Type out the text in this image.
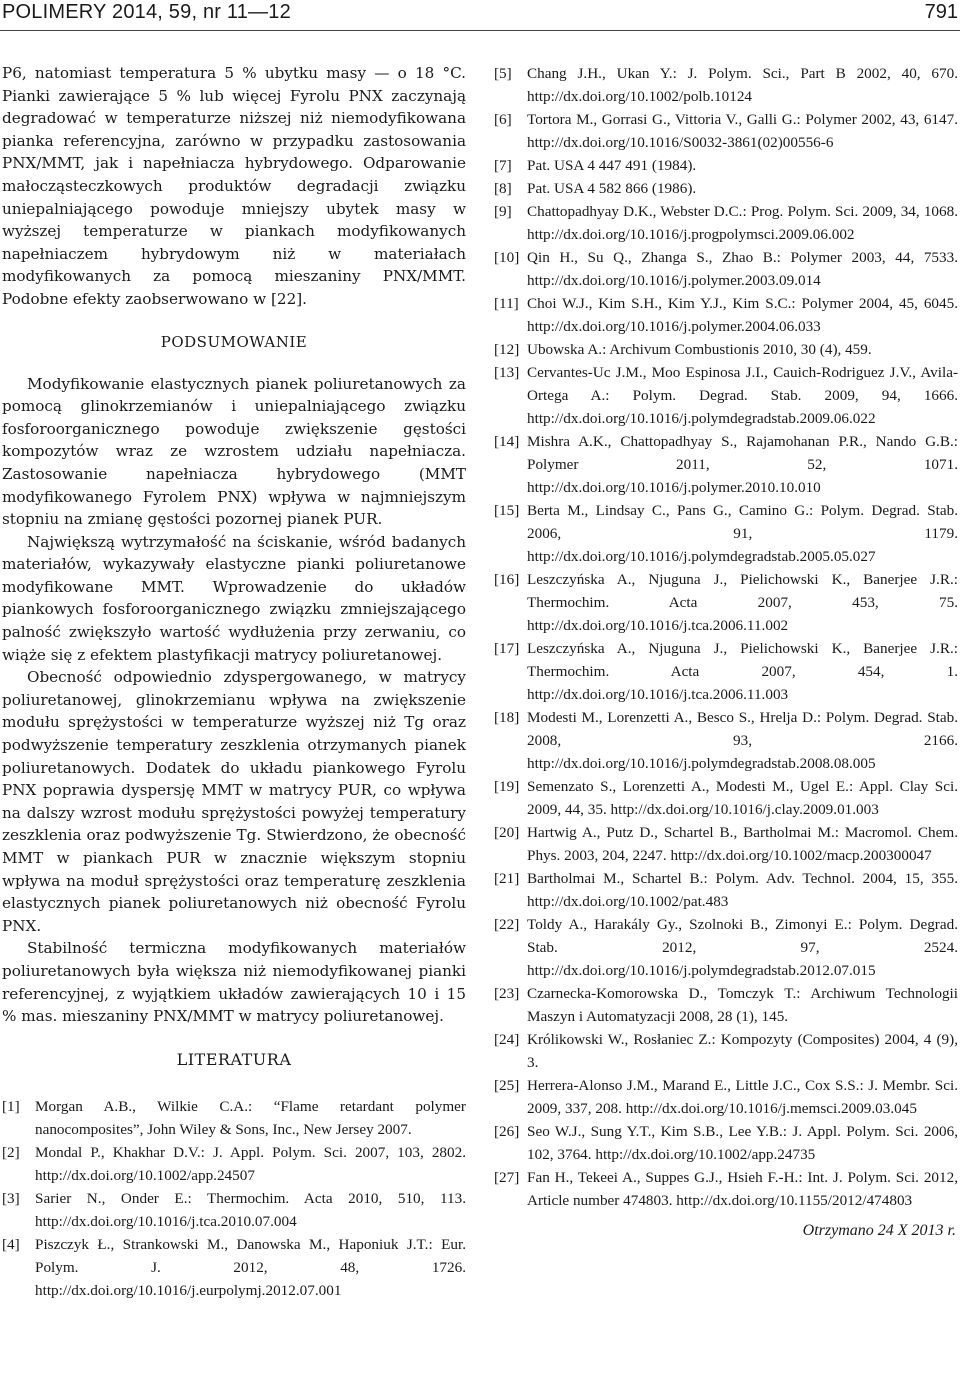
POLIMERY 2014, 59, nr 11—12	791

P6, natomiast temperatura 5 % ubytku masy — o 18 °C. Pianki zawierające 5 % lub więcej Fyrolu PNX zaczynają degradować w temperaturze niższej niż niemodyfikowana pianka referencyjna, zarówno w przypadku zastosowania PNX/MMT, jak i napełniacza hybrydowego. Odparowanie małocząsteczkowych produktów degradacji związku uniepalniającego powoduje mniejszy ubytek masy w wyższej temperaturze w piankach modyfikowanych napełniaczem hybrydowym niż w materiałach modyfikowanych za pomocą mieszaniny PNX/MMT. Podobne efekty zaobserwowano w [22].

PODSUMOWANIE

Modyfikowanie elastycznych pianek poliuretanowych za pomocą glinokrzemianów i uniepalniającego związku fosforoorganicznego powoduje zwiększenie gęstości kompozytów wraz ze wzrostem udziału napełniacza. Zastosowanie napełniacza hybrydowego (MMT modyfikowanego Fyrolem PNX) wpływa w najmniejszym stopniu na zmianę gęstości pozornej pianek PUR.

Największą wytrzymałość na ściskanie, wśród badanych materiałów, wykazywały elastyczne pianki poliuretanowe modyfikowane MMT. Wprowadzenie do układów piankowych fosforoorganicznego związku zmniejszającego palność zwiększyło wartość wydłużenia przy zerwaniu, co wiąże się z efektem plastyfikacji matrycy poliuretanowej.

Obecność odpowiednio zdyspergowanego, w matrycy poliuretanowej, glinokrzemianu wpływa na zwiększenie modułu sprężystości w temperaturze wyższej niż Tg oraz podwyższenie temperatury zeszklenia otrzymanych pianek poliuretanowych. Dodatek do układu piankowego Fyrolu PNX poprawia dyspersję MMT w matrycy PUR, co wpływa na dalszy wzrost modułu sprężystości powyżej temperatury zeszklenia oraz podwyższenie Tg. Stwierdzono, że obecność MMT w piankach PUR w znacznie większym stopniu wpływa na moduł sprężystości oraz temperaturę zeszklenia elastycznych pianek poliuretanowych niż obecność Fyrolu PNX.

Stabilność termiczna modyfikowanych materiałów poliuretanowych była większa niż niemodyfikowanej pianki referencyjnej, z wyjątkiem układów zawierających 10 i 15 % mas. mieszaniny PNX/MMT w matrycy poliuretanowej.

LITERATURA

[1]	Morgan A.B., Wilkie C.A.: “Flame retardant polymer nanocomposites”, John Wiley & Sons, Inc., New Jersey 2007.
[2]	Mondal P., Khakhar D.V.: J. Appl. Polym. Sci. 2007, 103, 2802. http://dx.doi.org/10.1002/app.24507
[3]	Sarier N., Onder E.: Thermochim. Acta 2010, 510, 113. http://dx.doi.org/10.1016/j.tca.2010.07.004
[4]	Piszczyk Ł., Strankowski M., Danowska M., Haponiuk J.T.: Eur. Polym. J. 2012, 48, 1726. http://dx.doi.org/10.1016/j.eurpolymj.2012.07.001
[5]	Chang J.H., Ukan Y.: J. Polym. Sci., Part B 2002, 40, 670. http://dx.doi.org/10.1002/polb.10124
[6]	Tortora M., Gorrasi G., Vittoria V., Galli G.: Polymer 2002, 43, 6147. http://dx.doi.org/10.1016/S0032-3861(02)00556-6
[7]	Pat. USA 4 447 491 (1984).
[8]	Pat. USA 4 582 866 (1986).
[9]	Chattopadhyay D.K., Webster D.C.: Prog. Polym. Sci. 2009, 34, 1068. http://dx.doi.org/10.1016/j.progpolymsci.2009.06.002
[10] Qin H., Su Q., Zhanga S., Zhao B.: Polymer 2003, 44, 7533. http://dx.doi.org/10.1016/j.polymer.2003.09.014
[11] Choi W.J., Kim S.H., Kim Y.J., Kim S.C.: Polymer 2004, 45, 6045. http://dx.doi.org/10.1016/j.polymer.2004.06.033
[12] Ubowska A.: Archivum Combustionis 2010, 30 (4), 459.
[13] Cervantes-Uc J.M., Moo Espinosa J.I., Cauich-Rodriguez J.V., Avila-Ortega A.: Polym. Degrad. Stab. 2009, 94, 1666. http://dx.doi.org/10.1016/j.polymdegradstab.2009.06.022
[14] Mishra A.K., Chattopadhyay S., Rajamohanan P.R., Nando G.B.: Polymer 2011, 52, 1071. http://dx.doi.org/10.1016/j.polymer.2010.10.010
[15] Berta M., Lindsay C., Pans G., Camino G.: Polym. Degrad. Stab. 2006, 91, 1179. http://dx.doi.org/10.1016/j.polymdegradstab.2005.05.027
[16] Leszczyńska A., Njuguna J., Pielichowski K., Banerjee J.R.: Thermochim. Acta 2007, 453, 75. http://dx.doi.org/10.1016/j.tca.2006.11.002
[17] Leszczyńska A., Njuguna J., Pielichowski K., Banerjee J.R.: Thermochim. Acta 2007, 454, 1. http://dx.doi.org/10.1016/j.tca.2006.11.003
[18] Modesti M., Lorenzetti A., Besco S., Hrelja D.: Polym. Degrad. Stab. 2008, 93, 2166. http://dx.doi.org/10.1016/j.polymdegradstab.2008.08.005
[19] Semenzato S., Lorenzetti A., Modesti M., Ugel E.: Appl. Clay Sci. 2009, 44, 35. http://dx.doi.org/10.1016/j.clay.2009.01.003
[20] Hartwig A., Putz D., Schartel B., Bartholmai M.: Macromol. Chem. Phys. 2003, 204, 2247. http://dx.doi.org/10.1002/macp.200300047
[21] Bartholmai M., Schartel B.: Polym. Adv. Technol. 2004, 15, 355. http://dx.doi.org/10.1002/pat.483
[22] Toldy A., Harakály Gy., Szolnoki B., Zimonyi E.: Polym. Degrad. Stab. 2012, 97, 2524. http://dx.doi.org/10.1016/j.polymdegradstab.2012.07.015
[23] Czarnecka-Komorowska D., Tomczyk T.: Archiwum Technologii Maszyn i Automatyzacji 2008, 28 (1), 145.
[24] Królikowski W., Rosłaniec Z.: Kompozyty (Composites) 2004, 4 (9), 3.
[25] Herrera-Alonso J.M., Marand E., Little J.C., Cox S.S.: J. Membr. Sci. 2009, 337, 208. http://dx.doi.org/10.1016/j.memsci.2009.03.045
[26] Seo W.J., Sung Y.T., Kim S.B., Lee Y.B.: J. Appl. Polym. Sci. 2006, 102, 3764. http://dx.doi.org/10.1002/app.24735
[27] Fan H., Tekeei A., Suppes G.J., Hsieh F.-H.: Int. J. Polym. Sci. 2012, Article number 474803. http://dx.doi.org/10.1155/2012/474803
Otrzymano 24 X 2013 r.
